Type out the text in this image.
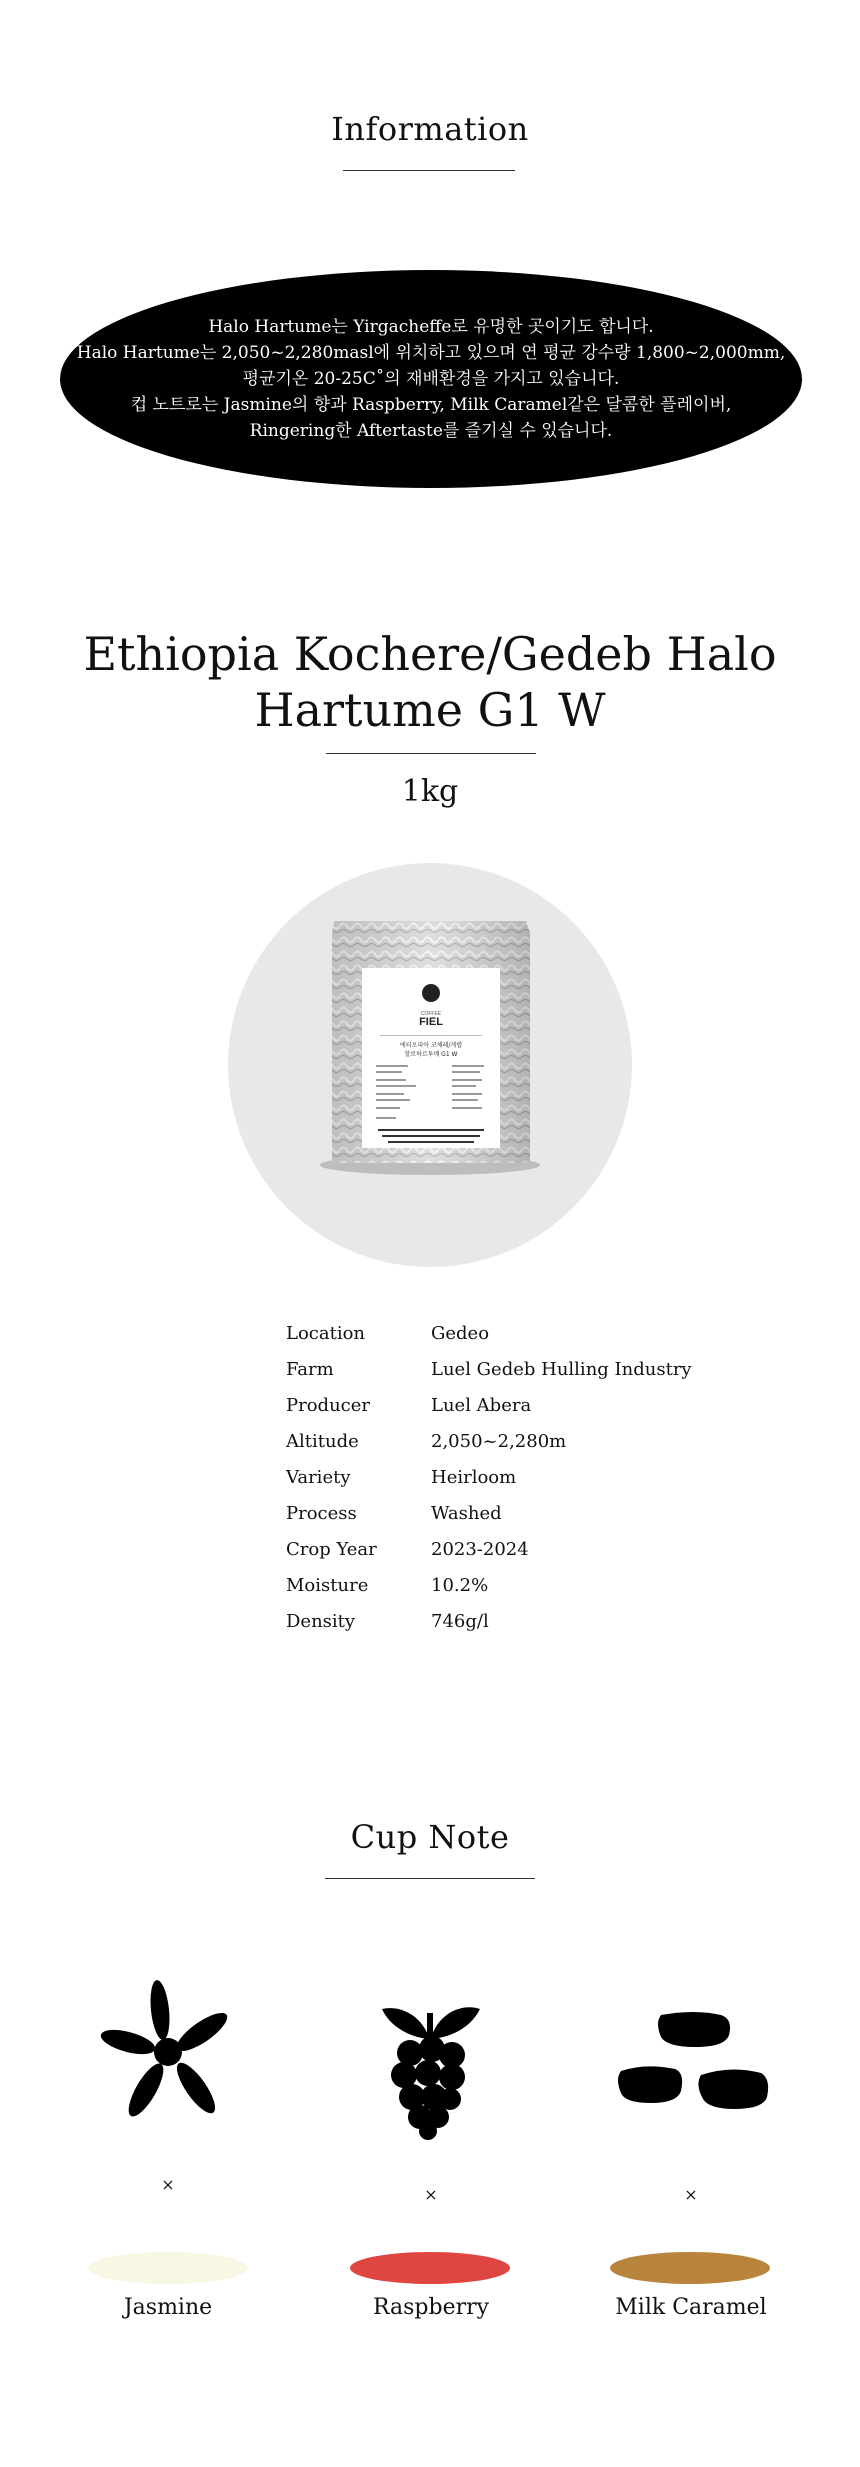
Information
Halo Hartume는 Yirgacheffe로 유명한 곳이기도 합니다.
Halo Hartume는 2,050~2,280masl에 위치하고 있으며 연 평균 강수량 1,800~2,000mm,
평균기온 20-25C˚의 재배환경을 가지고 있습니다.
컵 노트로는 Jasmine의 향과 Raspberry, Milk Caramel같은 달콤한 플레이버,
Ringering한 Aftertaste를 즐기실 수 있습니다.
Ethiopia Kochere/Gedeb Halo
Hartume G1 W
1kg
COFFEE
FIEL
에티오피아 코체레/게뎁
할로하르투메 G1 W
Location	Gedeo
Farm	Luel Gedeb Hulling Industry
Producer	Luel Abera
Altitude	2,050~2,280m
Variety	Heirloom
Process	Washed
Crop Year	2023-2024
Moisture	10.2%
Density	746g/l
Cup Note
×
×	×
Jasmine	Raspberry	Milk Caramel
